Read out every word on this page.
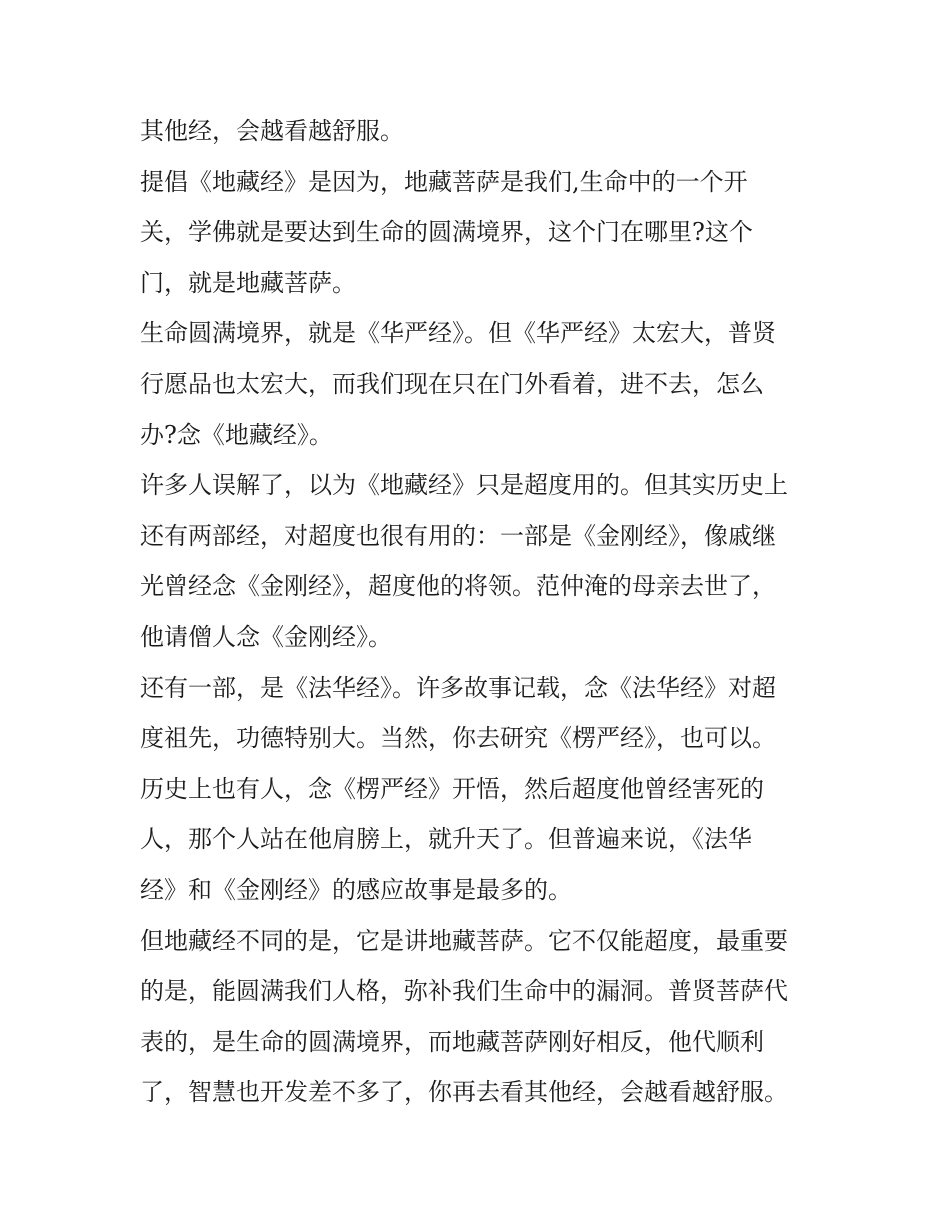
其他经，会越看越舒服。
提倡《地藏经》是因为，地藏菩萨是我们,生命中的一个开
关，学佛就是要达到生命的圆满境界，这个门在哪里?这个
门，就是地藏菩萨。
生命圆满境界，就是《华严经》。但《华严经》太宏大，普贤
行愿品也太宏大，而我们现在只在门外看着，进不去，怎么
办?念《地藏经》。
许多人误解了，以为《地藏经》只是超度用的。但其实历史上
还有两部经，对超度也很有用的：一部是《金刚经》，像戚继
光曾经念《金刚经》，超度他的将领。范仲淹的母亲去世了，
他请僧人念《金刚经》。
还有一部，是《法华经》。许多故事记载，念《法华经》对超
度祖先，功德特别大。当然，你去研究《楞严经》，也可以。
历史上也有人，念《楞严经》开悟，然后超度他曾经害死的
人，那个人站在他肩膀上，就升天了。但普遍来说，《法华
经》和《金刚经》的感应故事是最多的。
但地藏经不同的是，它是讲地藏菩萨。它不仅能超度，最重要
的是，能圆满我们人格，弥补我们生命中的漏洞。普贤菩萨代
表的，是生命的圆满境界，而地藏菩萨刚好相反，他代顺利
了，智慧也开发差不多了，你再去看其他经，会越看越舒服。
